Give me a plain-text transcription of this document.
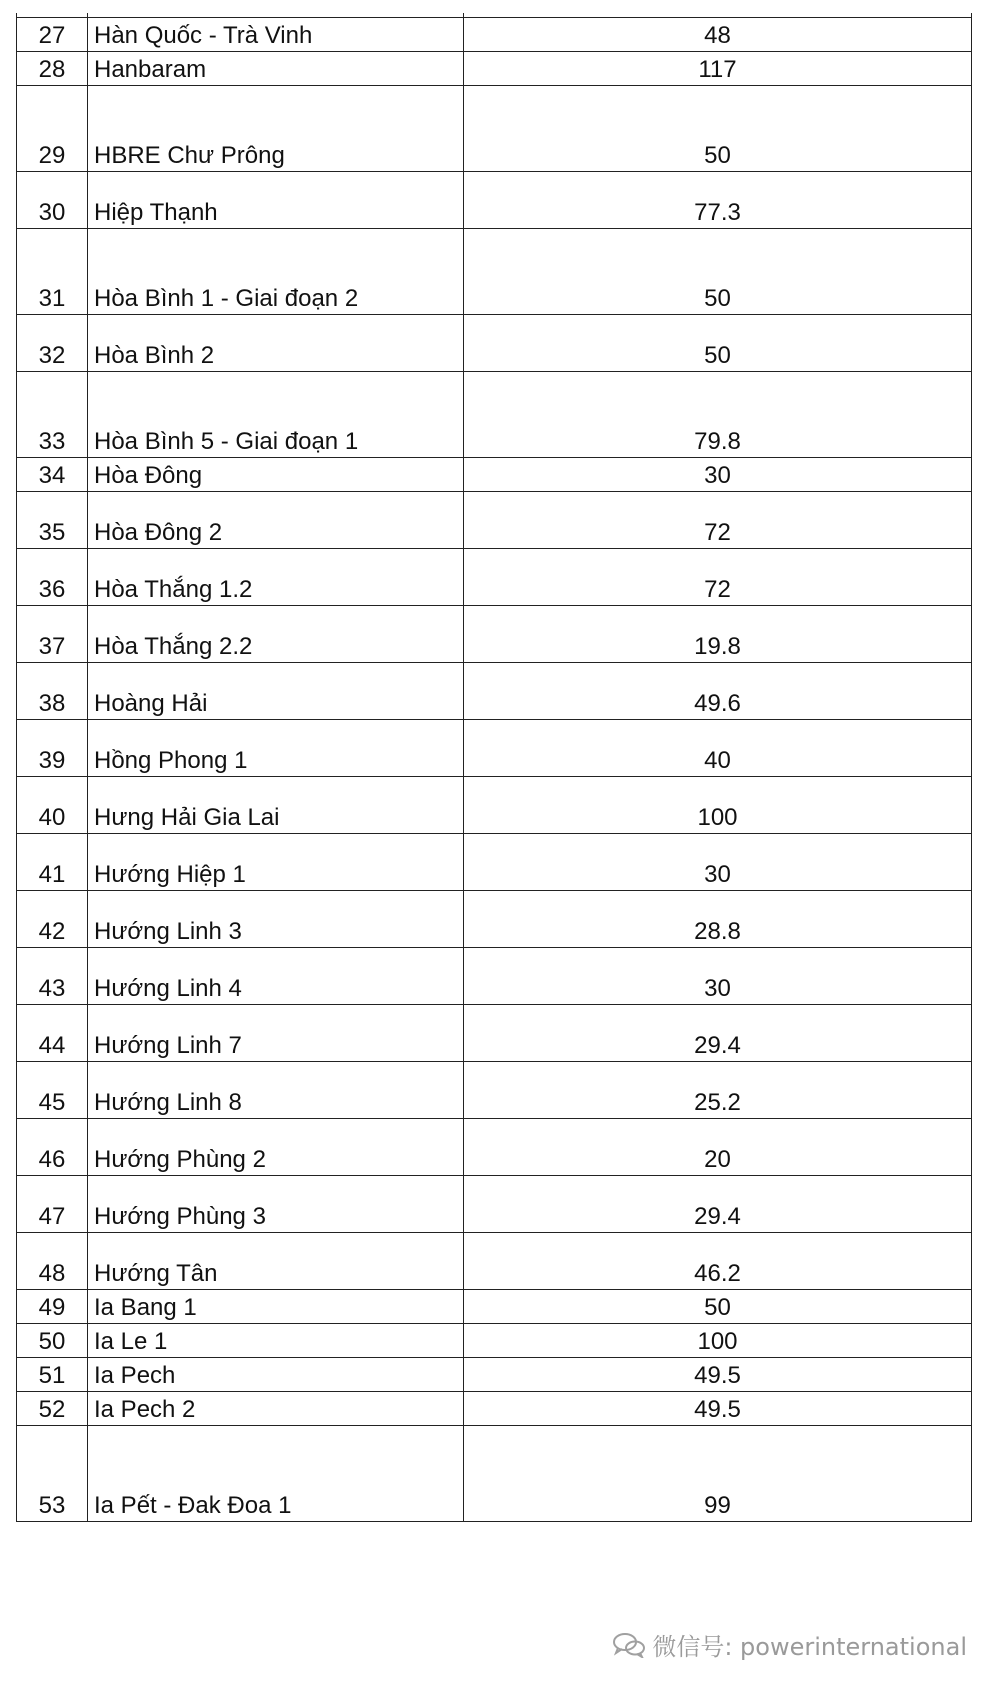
27	Hàn Quốc - Trà Vinh	48
28	Hanbaram	117
29	HBRE Chư Prông	50
30	Hiệp Thạnh	77.3
31	Hòa Bình 1 - Giai đoạn 2	50
32	Hòa Bình 2	50
33	Hòa Bình 5 - Giai đoạn 1	79.8
34	Hòa Đông	30
35	Hòa Đông 2	72
36	Hòa Thắng 1.2	72
37	Hòa Thắng 2.2	19.8
38	Hoàng Hải	49.6
39	Hồng Phong 1	40
40	Hưng Hải Gia Lai	100
41	Hướng Hiệp 1	30
42	Hướng Linh 3	28.8
43	Hướng Linh 4	30
44	Hướng Linh 7	29.4
45	Hướng Linh 8	25.2
46	Hướng Phùng 2	20
47	Hướng Phùng 3	29.4
48	Hướng Tân	46.2
49	Ia Bang 1	50
50	Ia Le 1	100
51	Ia Pech	49.5
52	Ia Pech 2	49.5
53	Ia Pết - Đak Đoa 1	99
微信号: powerinternational
